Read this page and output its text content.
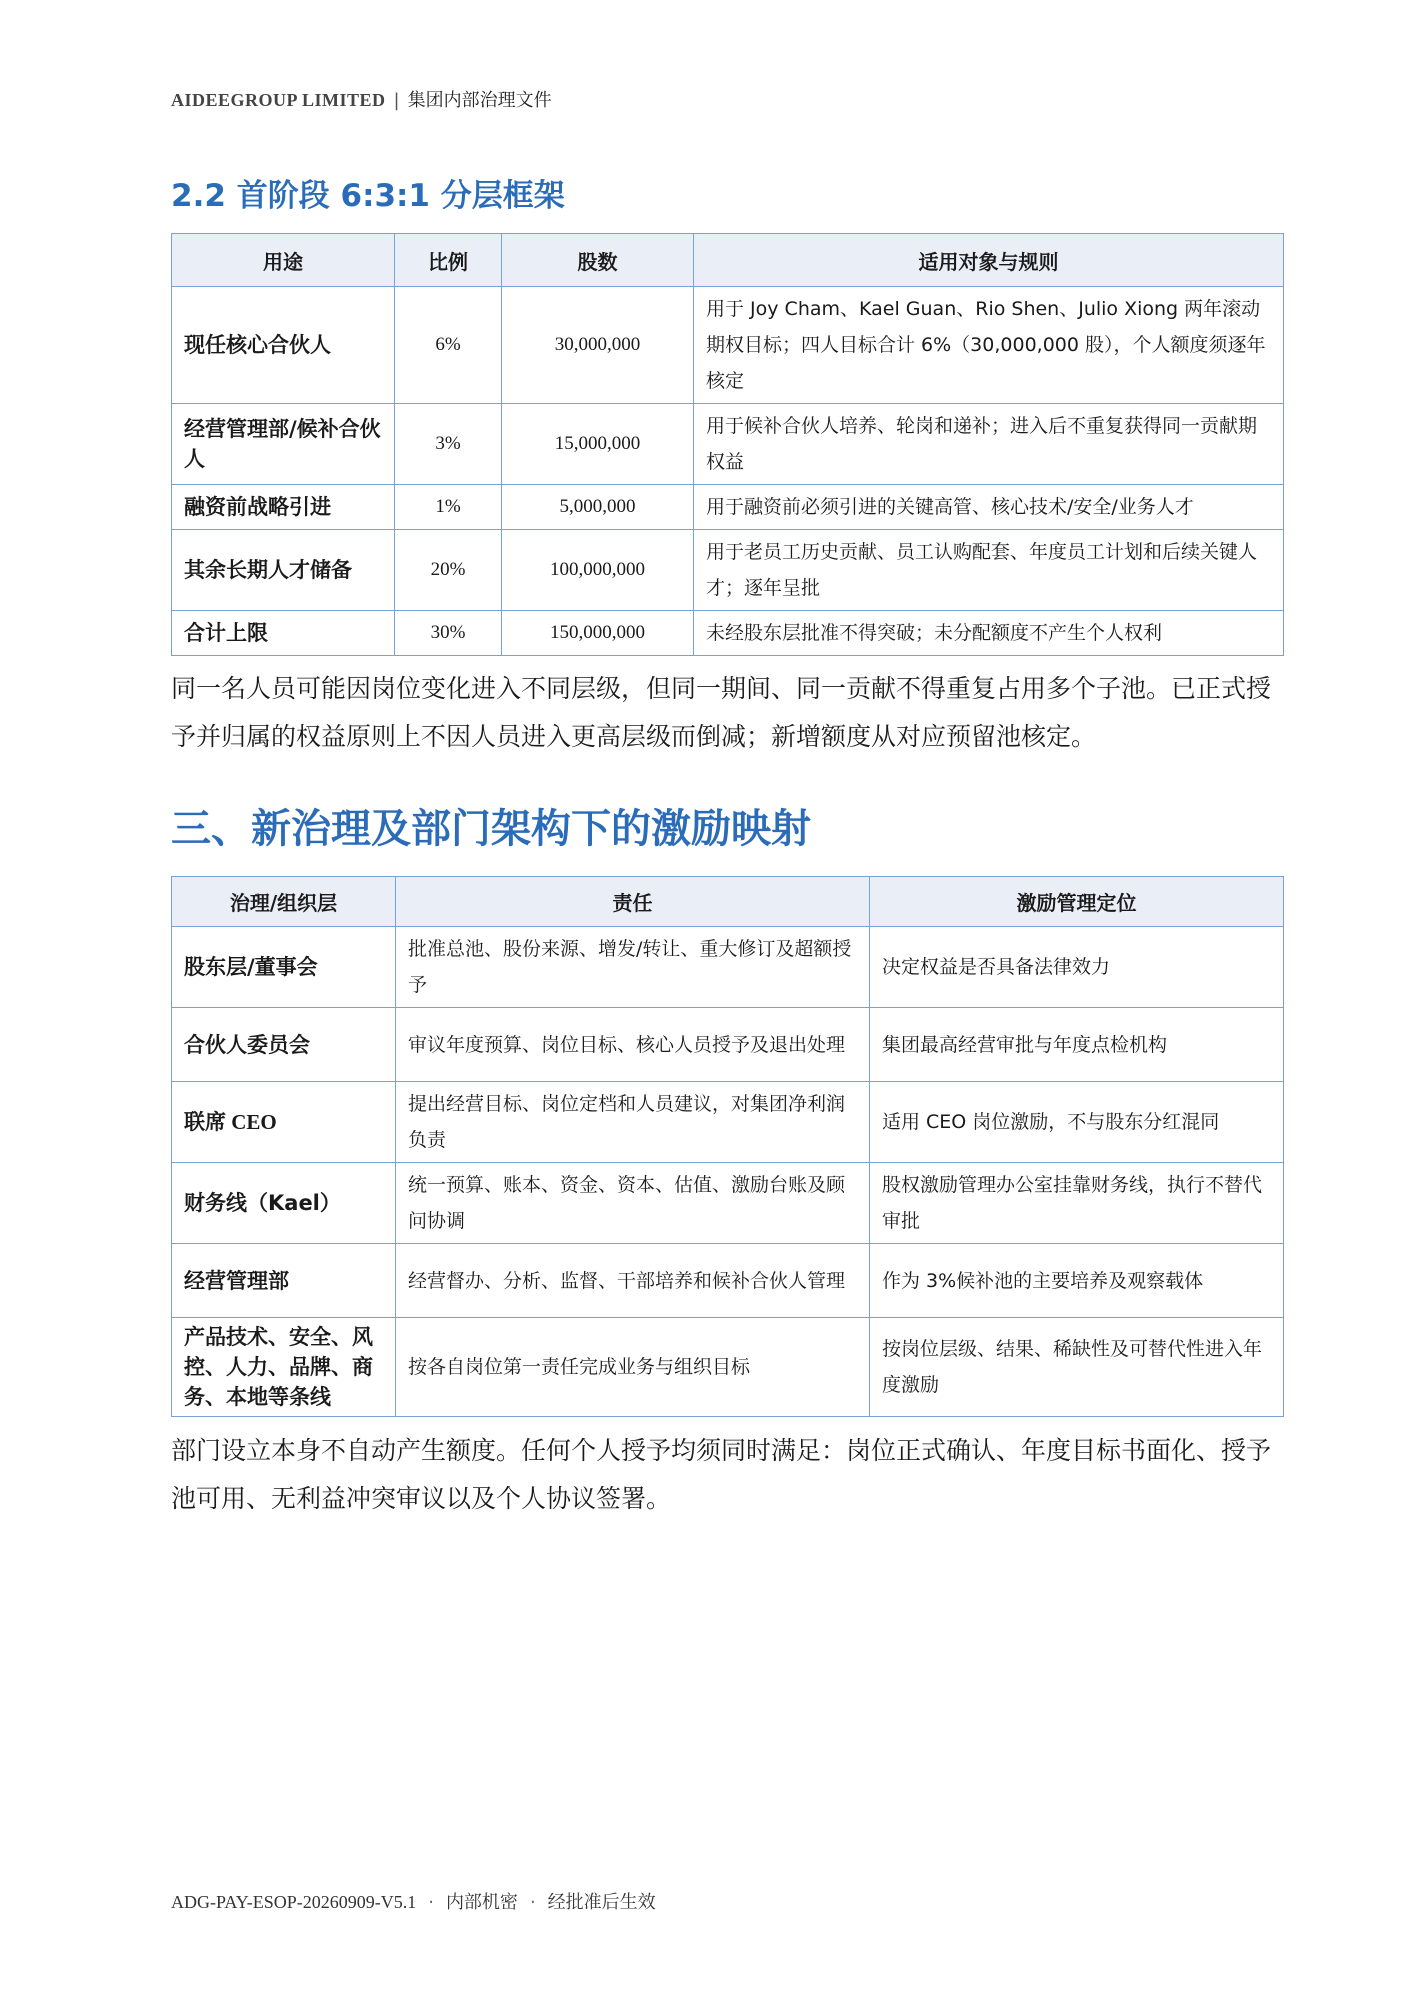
AIDEEGROUP LIMITED | 集团内部治理文件
2.2 首阶段 6:3:1 分层框架
用途	比例	股数	适用对象与规则
现任核心合伙人	6%	30,000,000	用于 Joy Cham、Kael Guan、Rio Shen、Julio Xiong 两年滚动期权目标；四人目标合计 6%（30,000,000 股），个人额度须逐年核定
经营管理部/候补合伙人	3%	15,000,000	用于候补合伙人培养、轮岗和递补；进入后不重复获得同一贡献期权益
融资前战略引进	1%	5,000,000	用于融资前必须引进的关键高管、核心技术/安全/业务人才
其余长期人才储备	20%	100,000,000	用于老员工历史贡献、员工认购配套、年度员工计划和后续关键人才；逐年呈批
合计上限	30%	150,000,000	未经股东层批准不得突破；未分配额度不产生个人权利

同一名人员可能因岗位变化进入不同层级，但同一期间、同一贡献不得重复占用多个子池。已正式授予并归属的权益原则上不因人员进入更高层级而倒减；新增额度从对应预留池核定。

三、新治理及部门架构下的激励映射
治理/组织层	责任	激励管理定位
股东层/董事会	批准总池、股份来源、增发/转让、重大修订及超额授予	决定权益是否具备法律效力
合伙人委员会	审议年度预算、岗位目标、核心人员授予及退出处理	集团最高经营审批与年度点检机构
联席 CEO	提出经营目标、岗位定档和人员建议，对集团净利润负责	适用 CEO 岗位激励，不与股东分红混同
财务线（Kael）	统一预算、账本、资金、资本、估值、激励台账及顾问协调	股权激励管理办公室挂靠财务线，执行不替代审批
经营管理部	经营督办、分析、监督、干部培养和候补合伙人管理	作为 3%候补池的主要培养及观察载体
产品技术、安全、风控、人力、品牌、商务、本地等条线	按各自岗位第一责任完成业务与组织目标	按岗位层级、结果、稀缺性及可替代性进入年度激励

部门设立本身不自动产生额度。任何个人授予均须同时满足：岗位正式确认、年度目标书面化、授予池可用、无利益冲突审议以及个人协议签署。

ADG-PAY-ESOP-20260909-V5.1 · 内部机密 · 经批准后生效
